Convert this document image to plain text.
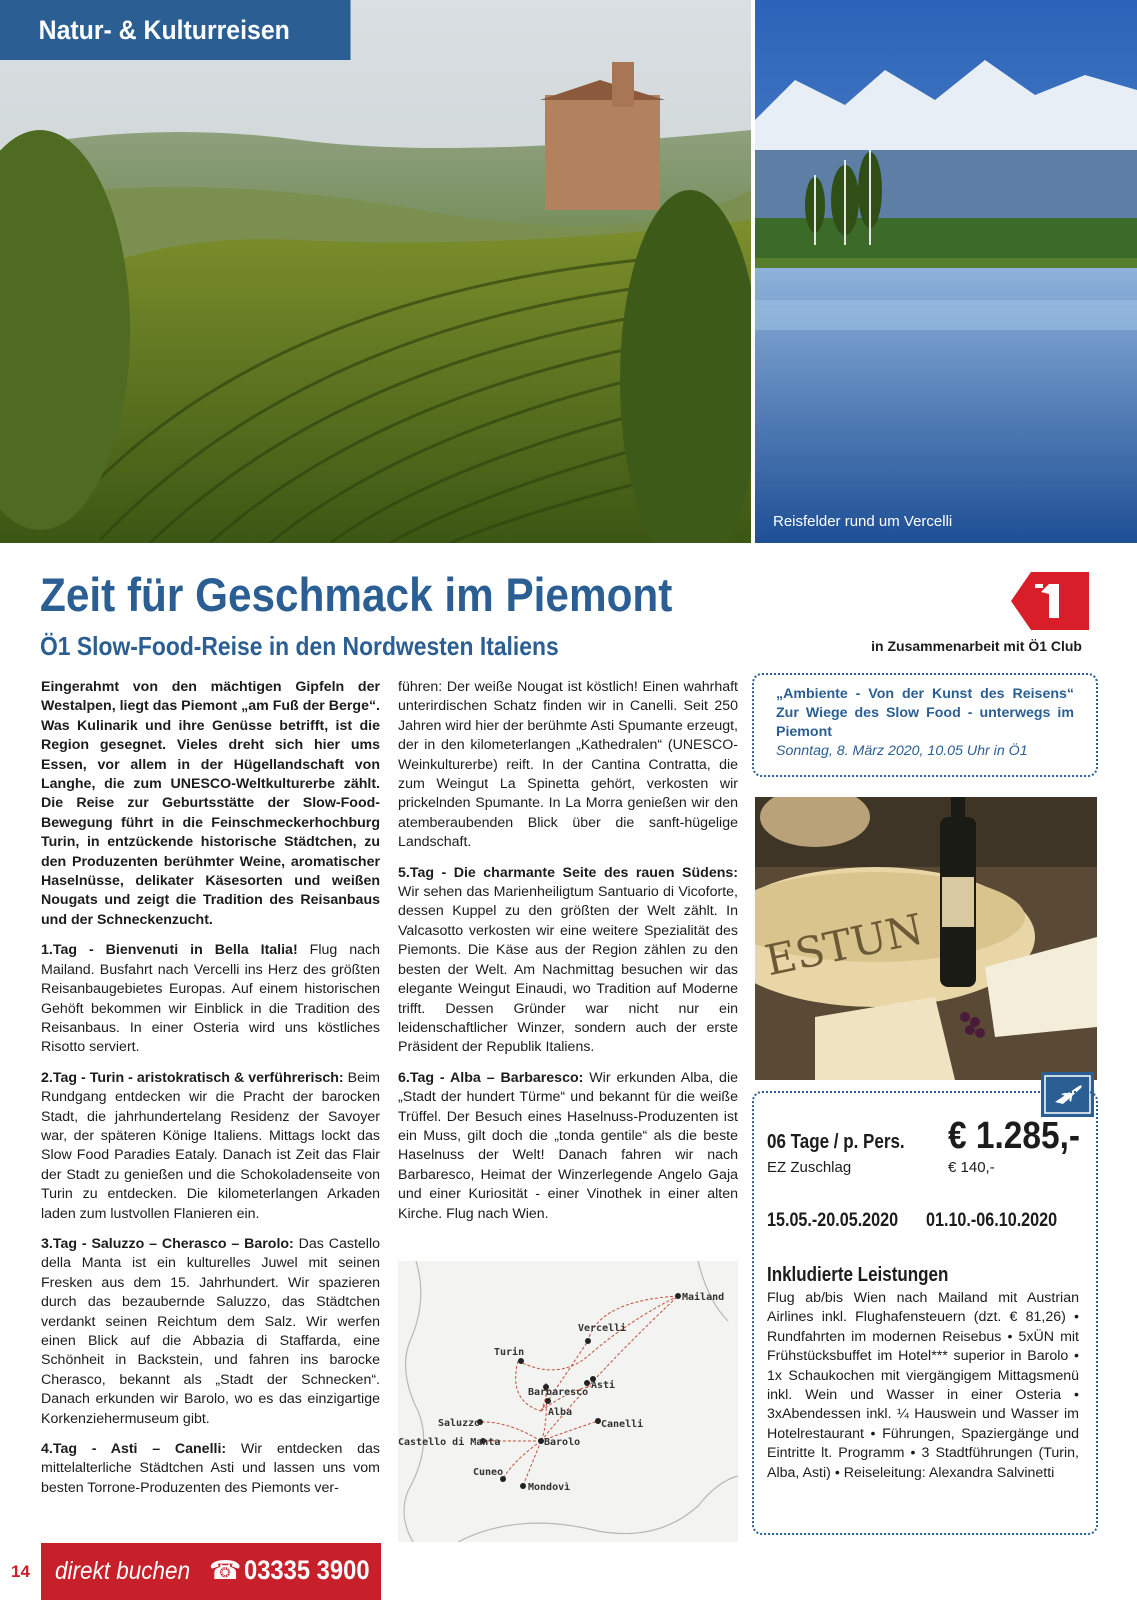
Natur- & Kulturreisen
Reisfelder rund um Vercelli
Zeit für Geschmack im Piemont
Ö1 Slow-Food-Reise in den Nordwesten Italiens	in Zusammenarbeit mit Ö1 Club

Eingerahmt von den mächtigen Gipfeln der Westalpen, liegt das Piemont „am Fuß der Berge“. Was Kulinarik und ihre Genüsse betrifft, ist die Region gesegnet. Vieles dreht sich hier ums Essen, vor allem in der Hügellandschaft von Langhe, die zum UNESCO-Weltkulturerbe zählt. Die Reise zur Geburtsstätte der Slow-Food-Bewegung führt in die Feinschmeckerhochburg Turin, in entzückende historische Städtchen, zu den Produzenten berühmter Weine, aromatischer Haselnüsse, delikater Käsesorten und weißen Nougats und zeigt die Tradition des Reisanbaus und der Schneckenzucht.

1.Tag - Bienvenuti in Bella Italia! Flug nach Mailand. Busfahrt nach Vercelli ins Herz des größten Reisanbaugebietes Europas. Auf einem historischen Gehöft bekommen wir Einblick in die Tradition des Reisanbaus. In einer Osteria wird uns köstliches Risotto serviert.

2.Tag - Turin - aristokratisch & verführerisch: Beim Rundgang entdecken wir die Pracht der barocken Stadt, die jahrhundertelang Residenz der Savoyer war, der späteren Könige Italiens. Mittags lockt das Slow Food Paradies Eataly. Danach ist Zeit das Flair der Stadt zu genießen und die Schokoladenseite von Turin zu entdecken. Die kilometerlangen Arkaden laden zum lustvollen Flanieren ein.

3.Tag - Saluzzo – Cherasco – Barolo: Das Castello della Manta ist ein kulturelles Juwel mit seinen Fresken aus dem 15. Jahrhundert. Wir spazieren durch das bezaubernde Saluzzo, das Städtchen verdankt seinen Reichtum dem Salz. Wir werfen einen Blick auf die Abbazia di Staffarda, eine Schönheit in Backstein, und fahren ins barocke Cherasco, bekannt als „Stadt der Schnecken“. Danach erkunden wir Barolo, wo es das einzigartige Korkenziehermuseum gibt.

4.Tag - Asti – Canelli: Wir entdecken das mittelalterliche Städtchen Asti und lassen uns vom besten Torrone-Produzenten des Piemonts ver-

führen: Der weiße Nougat ist köstlich! Einen wahrhaft unterirdischen Schatz finden wir in Canelli. Seit 250 Jahren wird hier der berühmte Asti Spumante erzeugt, der in den kilometerlangen „Kathedralen“ (UNESCO-Weinkulturerbe) reift. In der Cantina Contratta, die zum Weingut La Spinetta gehört, verkosten wir prickelnden Spumante. In La Morra genießen wir den atemberaubenden Blick über die sanft-hügelige Landschaft.

5.Tag - Die charmante Seite des rauen Südens: Wir sehen das Marienheiligtum Santuario di Vicoforte, dessen Kuppel zu den größten der Welt zählt. In Valcasotto verkosten wir eine weitere Spezialität des Piemonts. Die Käse aus der Region zählen zu den besten der Welt. Am Nachmittag besuchen wir das elegante Weingut Einaudi, wo Tradition auf Moderne trifft. Dessen Gründer war nicht nur ein leidenschaftlicher Winzer, sondern auch der erste Präsident der Republik Italiens.

6.Tag - Alba – Barbaresco: Wir erkunden Alba, die „Stadt der hundert Türme“ und bekannt für die weiße Trüffel. Der Besuch eines Haselnuss-Produzenten ist ein Muss, gilt doch die „tonda gentile“ als die beste Haselnuss der Welt! Danach fahren wir nach Barbaresco, Heimat der Winzerlegende Angelo Gaja und einer Kuriosität - einer Vinothek in einer alten Kirche. Flug nach Wien.

Mailand
Vercelli
Turin
Barbaresco
Asti
Alba
Canelli
Saluzzo
Castello di Manta	Barolo
Cuneo
Mondovì
„Ambiente - Von der Kunst des Reisens“ Zur Wiege des Slow Food - unterwegs im Piemont
Sonntag, 8. März 2020, 10.05 Uhr in Ö1
ESTUN
06 Tage / p. Pers. € 1.285,-
EZ Zuschlag	€ 140,-
15.05.-20.05.2020 01.10.-06.10.2020
Inkludierte Leistungen
Flug ab/bis Wien nach Mailand mit Austrian Airlines inkl. Flughafensteuern (dzt. € 81,26) • Rundfahrten im modernen Reisebus • 5xÜN mit Frühstücksbuffet im Hotel*** superior in Barolo • 1x Schaukochen mit viergängigem Mittagsmenü inkl. Wein und Wasser in einer Osteria • 3xAbendessen inkl. ¼ Hauswein und Wasser im Hotelrestaurant • Führungen, Spaziergänge und Eintritte lt. Programm • 3 Stadtführungen (Turin, Alba, Asti) • Reiseleitung: Alexandra Salvinetti
14 direkt buchen ☎ 03335 3900
